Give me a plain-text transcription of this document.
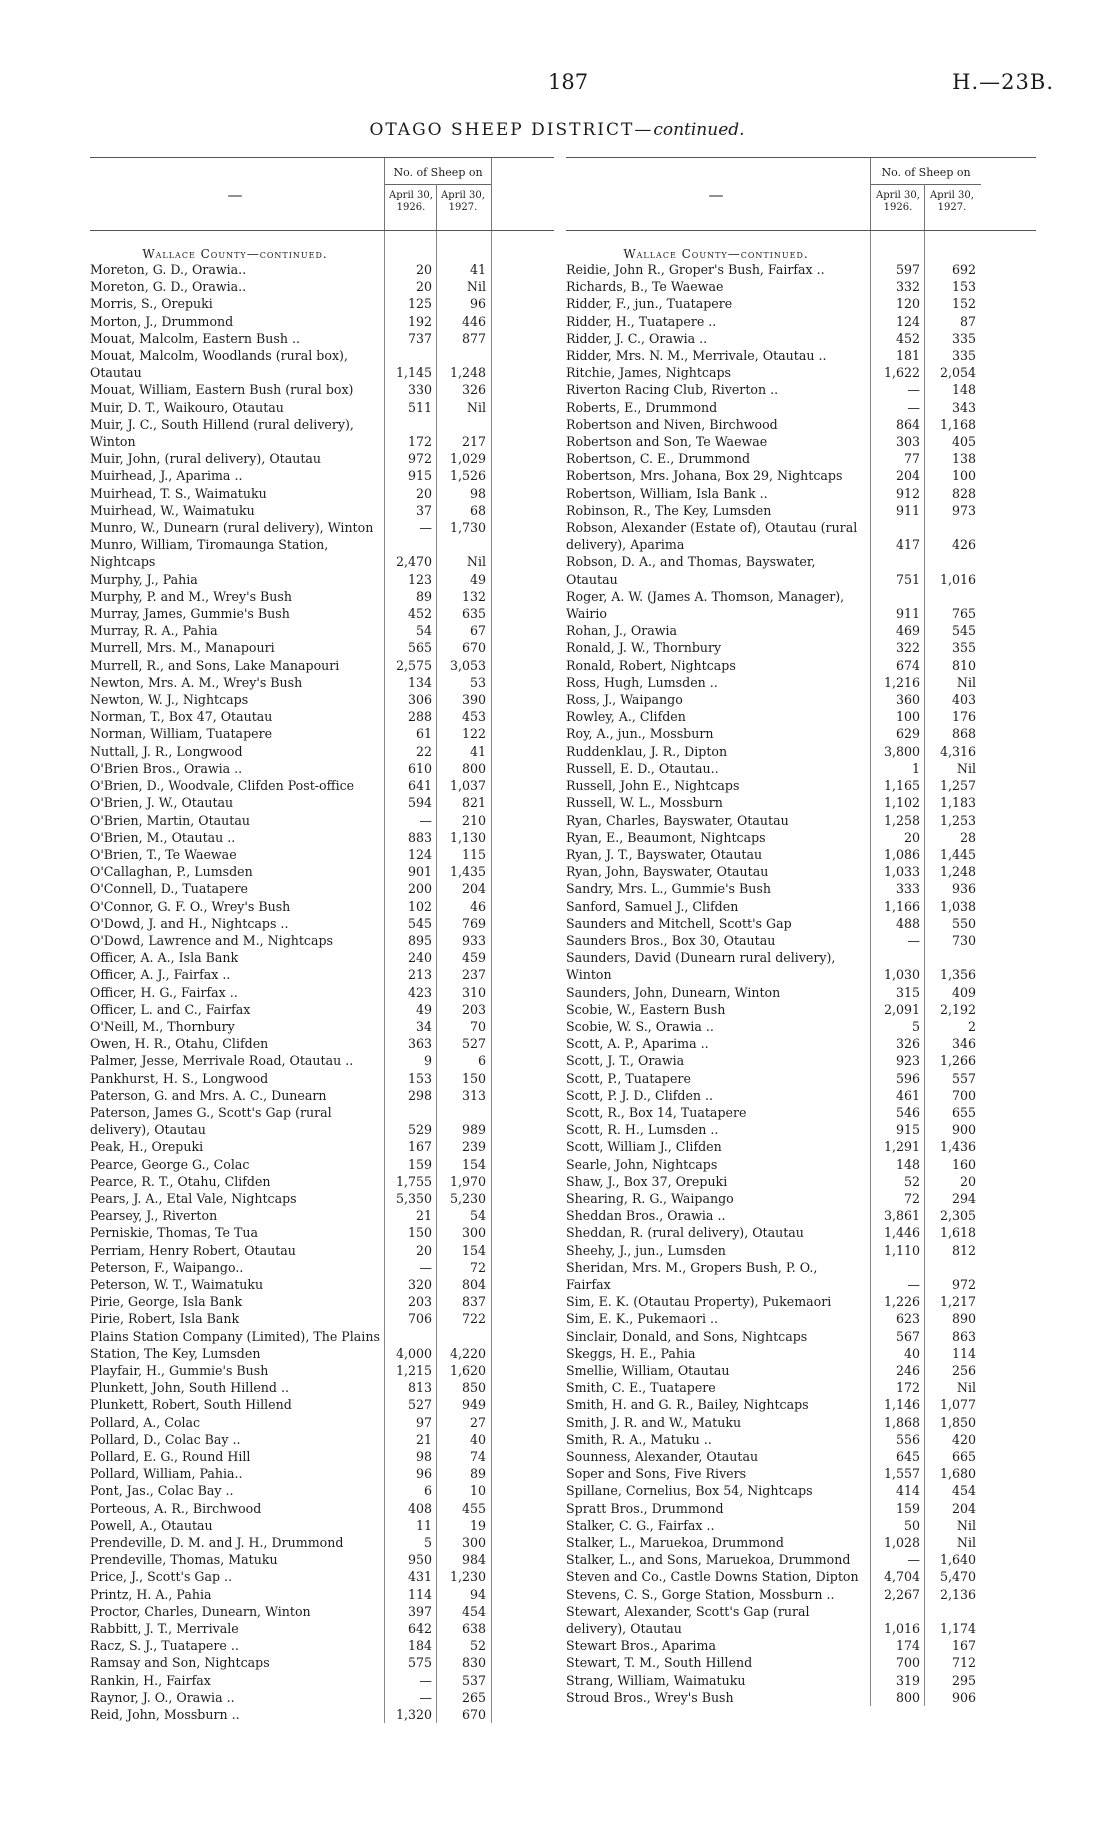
187	H.—23B.
OTAGO SHEEP DISTRICT—continued.
—
No. of Sheep on
April 30, 1926.
April 30, 1927.
Wallace County—continued.
Moreton, G. D., Orawia..	20	41
Moreton, G. D., Orawia..	20	Nil
Morris, S., Orepuki	125	96
Morton, J., Drummond	192	446
Mouat, Malcolm, Eastern Bush ..	737	877
Mouat, Malcolm, Woodlands (rural box), Otautau	1,145	1,248
Mouat, William, Eastern Bush (rural box)	330	326
Muir, D. T., Waikouro, Otautau	511	Nil
Muir, J. C., South Hillend (rural delivery), Winton	172	217
Muir, John, (rural delivery), Otautau	972	1,029
Muirhead, J., Aparima ..	915	1,526
Muirhead, T. S., Waimatuku	20	98
Muirhead, W., Waimatuku	37	68
Munro, W., Dunearn (rural delivery), Winton	—	1,730
Munro, William, Tiromaunga Station, Nightcaps	2,470	Nil
Murphy, J., Pahia	123	49
Murphy, P. and M., Wrey's Bush	89	132
Murray, James, Gummie's Bush	452	635
Murray, R. A., Pahia	54	67
Murrell, Mrs. M., Manapouri	565	670
Murrell, R., and Sons, Lake Manapouri	2,575	3,053
Newton, Mrs. A. M., Wrey's Bush	134	53
Newton, W. J., Nightcaps	306	390
Norman, T., Box 47, Otautau	288	453
Norman, William, Tuatapere	61	122
Nuttall, J. R., Longwood	22	41
O'Brien Bros., Orawia ..	610	800
O'Brien, D., Woodvale, Clifden Post-office	641	1,037
O'Brien, J. W., Otautau	594	821
O'Brien, Martin, Otautau	—	210
O'Brien, M., Otautau ..	883	1,130
O'Brien, T., Te Waewae	124	115
O'Callaghan, P., Lumsden	901	1,435
O'Connell, D., Tuatapere	200	204
O'Connor, G. F. O., Wrey's Bush	102	46
O'Dowd, J. and H., Nightcaps ..	545	769
O'Dowd, Lawrence and M., Nightcaps	895	933
Officer, A. A., Isla Bank	240	459
Officer, A. J., Fairfax ..	213	237
Officer, H. G., Fairfax ..	423	310
Officer, L. and C., Fairfax	49	203
O'Neill, M., Thornbury	34	70
Owen, H. R., Otahu, Clifden	363	527
Palmer, Jesse, Merrivale Road, Otautau ..	9	6
Pankhurst, H. S., Longwood	153	150
Paterson, G. and Mrs. A. C., Dunearn	298	313
Paterson, James G., Scott's Gap (rural delivery), Otautau	529	989
Peak, H., Orepuki	167	239
Pearce, George G., Colac	159	154
Pearce, R. T., Otahu, Clifden	1,755	1,970
Pears, J. A., Etal Vale, Nightcaps	5,350	5,230
Pearsey, J., Riverton	21	54
Perniskie, Thomas, Te Tua	150	300
Perriam, Henry Robert, Otautau	20	154
Peterson, F., Waipango..	—	72
Peterson, W. T., Waimatuku	320	804
Pirie, George, Isla Bank	203	837
Pirie, Robert, Isla Bank	706	722
Plains Station Company (Limited), The Plains Station, The Key, Lumsden	4,000	4,220
Playfair, H., Gummie's Bush	1,215	1,620
Plunkett, John, South Hillend ..	813	850
Plunkett, Robert, South Hillend	527	949
Pollard, A., Colac	97	27
Pollard, D., Colac Bay ..	21	40
Pollard, E. G., Round Hill	98	74
Pollard, William, Pahia..	96	89
Pont, Jas., Colac Bay ..	6	10
Porteous, A. R., Birchwood	408	455
Powell, A., Otautau	11	19
Prendeville, D. M. and J. H., Drummond	5	300
Prendeville, Thomas, Matuku	950	984
Price, J., Scott's Gap ..	431	1,230
Printz, H. A., Pahia	114	94
Proctor, Charles, Dunearn, Winton	397	454
Rabbitt, J. T., Merrivale	642	638
Racz, S. J., Tuatapere ..	184	52
Ramsay and Son, Nightcaps	575	830
Rankin, H., Fairfax	—	537
Raynor, J. O., Orawia ..	—	265
Reid, John, Mossburn ..	1,320	670
—
No. of Sheep on
April 30, 1926.
April 30, 1927.
Wallace County—continued.
Reidie, John R., Groper's Bush, Fairfax ..	597	692
Richards, B., Te Waewae	332	153
Ridder, F., jun., Tuatapere	120	152
Ridder, H., Tuatapere ..	124	87
Ridder, J. C., Orawia ..	452	335
Ridder, Mrs. N. M., Merrivale, Otautau ..	181	335
Ritchie, James, Nightcaps	1,622	2,054
Riverton Racing Club, Riverton ..	—	148
Roberts, E., Drummond	—	343
Robertson and Niven, Birchwood	864	1,168
Robertson and Son, Te Waewae	303	405
Robertson, C. E., Drummond	77	138
Robertson, Mrs. Johana, Box 29, Nightcaps	204	100
Robertson, William, Isla Bank ..	912	828
Robinson, R., The Key, Lumsden	911	973
Robson, Alexander (Estate of), Otautau (rural delivery), Aparima	417	426
Robson, D. A., and Thomas, Bayswater, Otautau	751	1,016
Roger, A. W. (James A. Thomson, Manager), Wairio	911	765
Rohan, J., Orawia	469	545
Ronald, J. W., Thornbury	322	355
Ronald, Robert, Nightcaps	674	810
Ross, Hugh, Lumsden ..	1,216	Nil
Ross, J., Waipango	360	403
Rowley, A., Clifden	100	176
Roy, A., jun., Mossburn	629	868
Ruddenklau, J. R., Dipton	3,800	4,316
Russell, E. D., Otautau..	1	Nil
Russell, John E., Nightcaps	1,165	1,257
Russell, W. L., Mossburn	1,102	1,183
Ryan, Charles, Bayswater, Otautau	1,258	1,253
Ryan, E., Beaumont, Nightcaps	20	28
Ryan, J. T., Bayswater, Otautau	1,086	1,445
Ryan, John, Bayswater, Otautau	1,033	1,248
Sandry, Mrs. L., Gummie's Bush	333	936
Sanford, Samuel J., Clifden	1,166	1,038
Saunders and Mitchell, Scott's Gap	488	550
Saunders Bros., Box 30, Otautau	—	730
Saunders, David (Dunearn rural delivery), Winton	1,030	1,356
Saunders, John, Dunearn, Winton	315	409
Scobie, W., Eastern Bush	2,091	2,192
Scobie, W. S., Orawia ..	5	2
Scott, A. P., Aparima ..	326	346
Scott, J. T., Orawia	923	1,266
Scott, P., Tuatapere	596	557
Scott, P. J. D., Clifden ..	461	700
Scott, R., Box 14, Tuatapere	546	655
Scott, R. H., Lumsden ..	915	900
Scott, William J., Clifden	1,291	1,436
Searle, John, Nightcaps	148	160
Shaw, J., Box 37, Orepuki	52	20
Shearing, R. G., Waipango	72	294
Sheddan Bros., Orawia ..	3,861	2,305
Sheddan, R. (rural delivery), Otautau	1,446	1,618
Sheehy, J., jun., Lumsden	1,110	812
Sheridan, Mrs. M., Gropers Bush, P. O., Fairfax	—	972
Sim, E. K. (Otautau Property), Pukemaori	1,226	1,217
Sim, E. K., Pukemaori ..	623	890
Sinclair, Donald, and Sons, Nightcaps	567	863
Skeggs, H. E., Pahia	40	114
Smellie, William, Otautau	246	256
Smith, C. E., Tuatapere	172	Nil
Smith, H. and G. R., Bailey, Nightcaps	1,146	1,077
Smith, J. R. and W., Matuku	1,868	1,850
Smith, R. A., Matuku ..	556	420
Sounness, Alexander, Otautau	645	665
Soper and Sons, Five Rivers	1,557	1,680
Spillane, Cornelius, Box 54, Nightcaps	414	454
Spratt Bros., Drummond	159	204
Stalker, C. G., Fairfax ..	50	Nil
Stalker, L., Maruekoa, Drummond	1,028	Nil
Stalker, L., and Sons, Maruekoa, Drummond	—	1,640
Steven and Co., Castle Downs Station, Dipton	4,704	5,470
Stevens, C. S., Gorge Station, Mossburn ..	2,267	2,136
Stewart, Alexander, Scott's Gap (rural delivery), Otautau	1,016	1,174
Stewart Bros., Aparima	174	167
Stewart, T. M., South Hillend	700	712
Strang, William, Waimatuku	319	295
Stroud Bros., Wrey's Bush	800	906
